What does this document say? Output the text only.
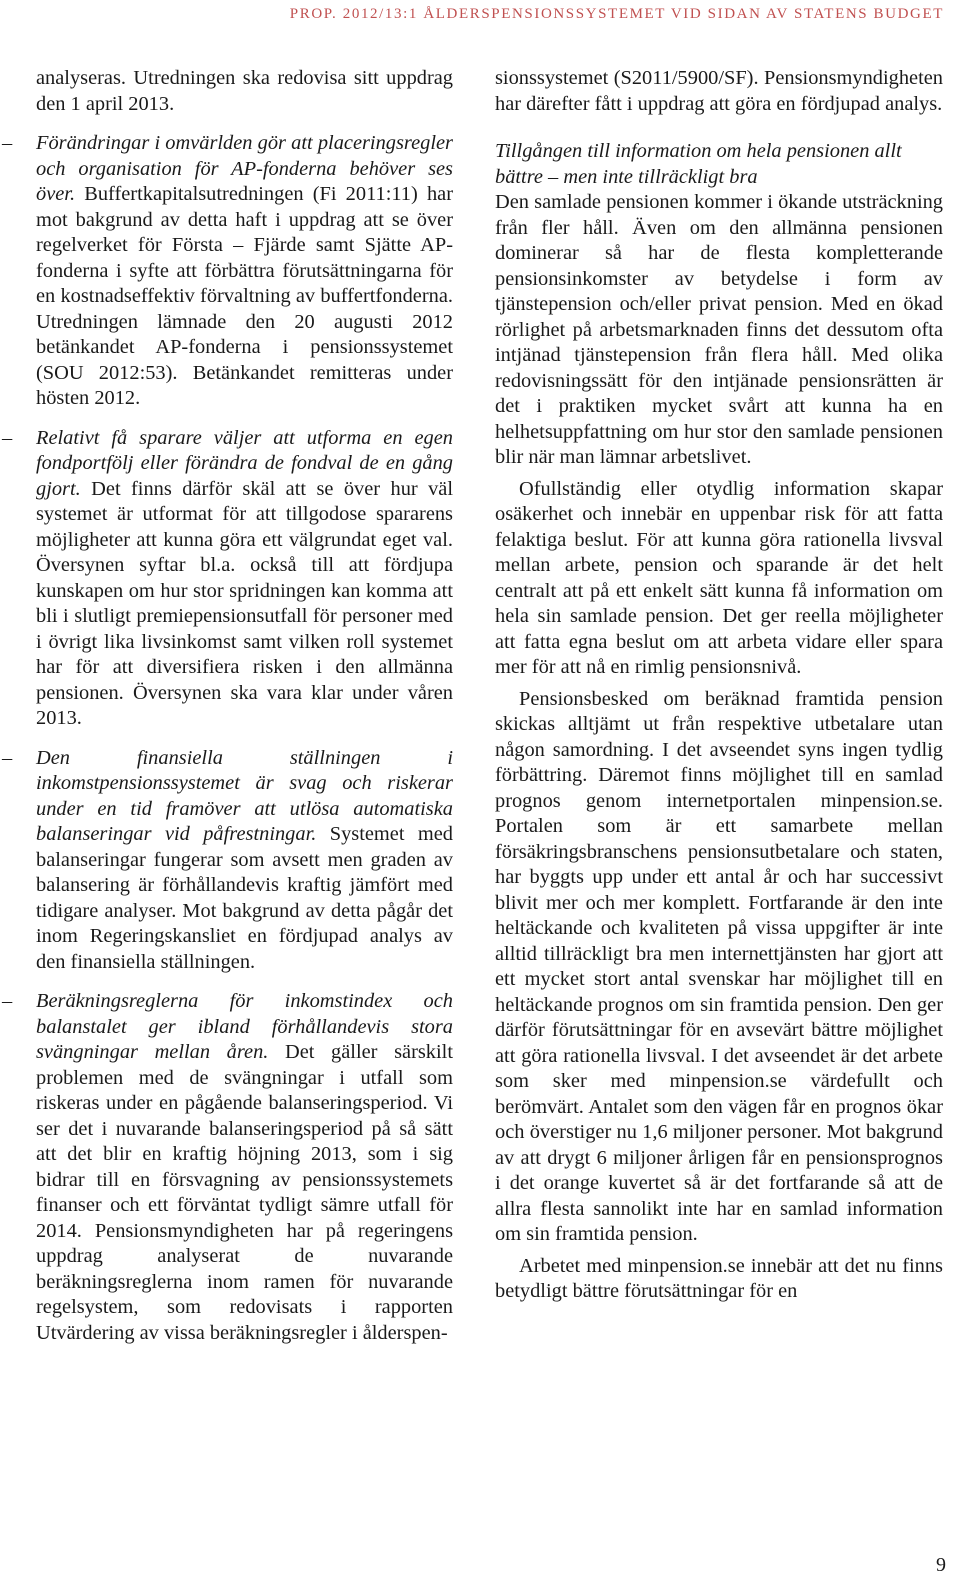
PROP. 2012/13:1 ÅLDERSPENSIONSSYSTEMET VID SIDAN AV STATENS BUDGET

analyseras. Utredningen ska redovisa sitt uppdrag den 1 april 2013.

– Förändringar i omvärlden gör att placeringsregler och organisation för AP-fonderna behöver ses över. Buffertkapitalsutredningen (Fi 2011:11) har mot bakgrund av detta haft i uppdrag att se över regelverket för Första – Fjärde samt Sjätte AP-fonderna i syfte att förbättra förutsättningarna för en kostnadseffektiv förvaltning av buffertfonderna. Utredningen lämnade den 20 augusti 2012 betänkandet AP-fonderna i pensionssystemet (SOU 2012:53). Betänkandet remitteras under hösten 2012.

– Relativt få sparare väljer att utforma en egen fondportfölj eller förändra de fondval de en gång gjort. Det finns därför skäl att se över hur väl systemet är utformat för att tillgodose spararens möjligheter att kunna göra ett välgrundat eget val. Översynen syftar bl.a. också till att fördjupa kunskapen om hur stor spridningen kan komma att bli i slutligt premiepensionsutfall för personer med i övrigt lika livsinkomst samt vilken roll systemet har för att diversifiera risken i den allmänna pensionen. Översynen ska vara klar under våren 2013.

– Den finansiella ställningen i inkomstpensionssystemet är svag och riskerar under en tid framöver att utlösa automatiska balanseringar vid påfrestningar. Systemet med balanseringar fungerar som avsett men graden av balansering är förhållandevis kraftig jämfört med tidigare analyser. Mot bakgrund av detta pågår det inom Regeringskansliet en fördjupad analys av den finansiella ställningen.

– Beräkningsreglerna för inkomstindex och balanstalet ger ibland förhållandevis stora svängningar mellan åren. Det gäller särskilt problemen med de svängningar i utfall som riskeras under en pågående balanseringsperiod. Vi ser det i nuvarande balanseringsperiod på så sätt att det blir en kraftig höjning 2013, som i sig bidrar till en försvagning av pensionssystemets finanser och ett förväntat tydligt sämre utfall för 2014. Pensionsmyndigheten har på regeringens uppdrag analyserat de nuvarande beräkningsreglerna inom ramen för nuvarande regelsystem, som redovisats i rapporten Utvärdering av vissa beräkningsregler i ålderspen-

sionssystemet (S2011/5900/SF). Pensionsmyndigheten har därefter fått i uppdrag att göra en fördjupad analys.

Tillgången till information om hela pensionen allt bättre – men inte tillräckligt bra

Den samlade pensionen kommer i ökande utsträckning från fler håll. Även om den allmänna pensionen dominerar så har de flesta kompletterande pensionsinkomster av betydelse i form av tjänstepension och/eller privat pension. Med en ökad rörlighet på arbetsmarknaden finns det dessutom ofta intjänad tjänstepension från flera håll. Med olika redovisningssätt för den intjänade pensionsrätten är det i praktiken mycket svårt att kunna ha en helhetsuppfattning om hur stor den samlade pensionen blir när man lämnar arbetslivet.

Ofullständig eller otydlig information skapar osäkerhet och innebär en uppenbar risk för att fatta felaktiga beslut. För att kunna göra rationella livsval mellan arbete, pension och sparande är det helt centralt att på ett enkelt sätt kunna få information om hela sin samlade pension. Det ger reella möjligheter att fatta egna beslut om att arbeta vidare eller spara mer för att nå en rimlig pensionsnivå.

Pensionsbesked om beräknad framtida pension skickas alltjämt ut från respektive utbetalare utan någon samordning. I det avseendet syns ingen tydlig förbättring. Däremot finns möjlighet till en samlad prognos genom internetportalen minpension.se. Portalen som är ett samarbete mellan försäkringsbranschens pensionsutbetalare och staten, har byggts upp under ett antal år och har successivt blivit mer och mer komplett. Fortfarande är den inte heltäckande och kvaliteten på vissa uppgifter är inte alltid tillräckligt bra men internettjänsten har gjort att ett mycket stort antal svenskar har möjlighet till en heltäckande prognos om sin framtida pension. Den ger därför förutsättningar för en avsevärt bättre möjlighet att göra rationella livsval. I det avseendet är det arbete som sker med minpension.se värdefullt och berömvärt. Antalet som den vägen får en prognos ökar och överstiger nu 1,6 miljoner personer. Mot bakgrund av att drygt 6 miljoner årligen får en pensionsprognos i det orange kuvertet så är det fortfarande så att de allra flesta sannolikt inte har en samlad information om sin framtida pension.

Arbetet med minpension.se innebär att det nu finns betydligt bättre förutsättningar för en

9
